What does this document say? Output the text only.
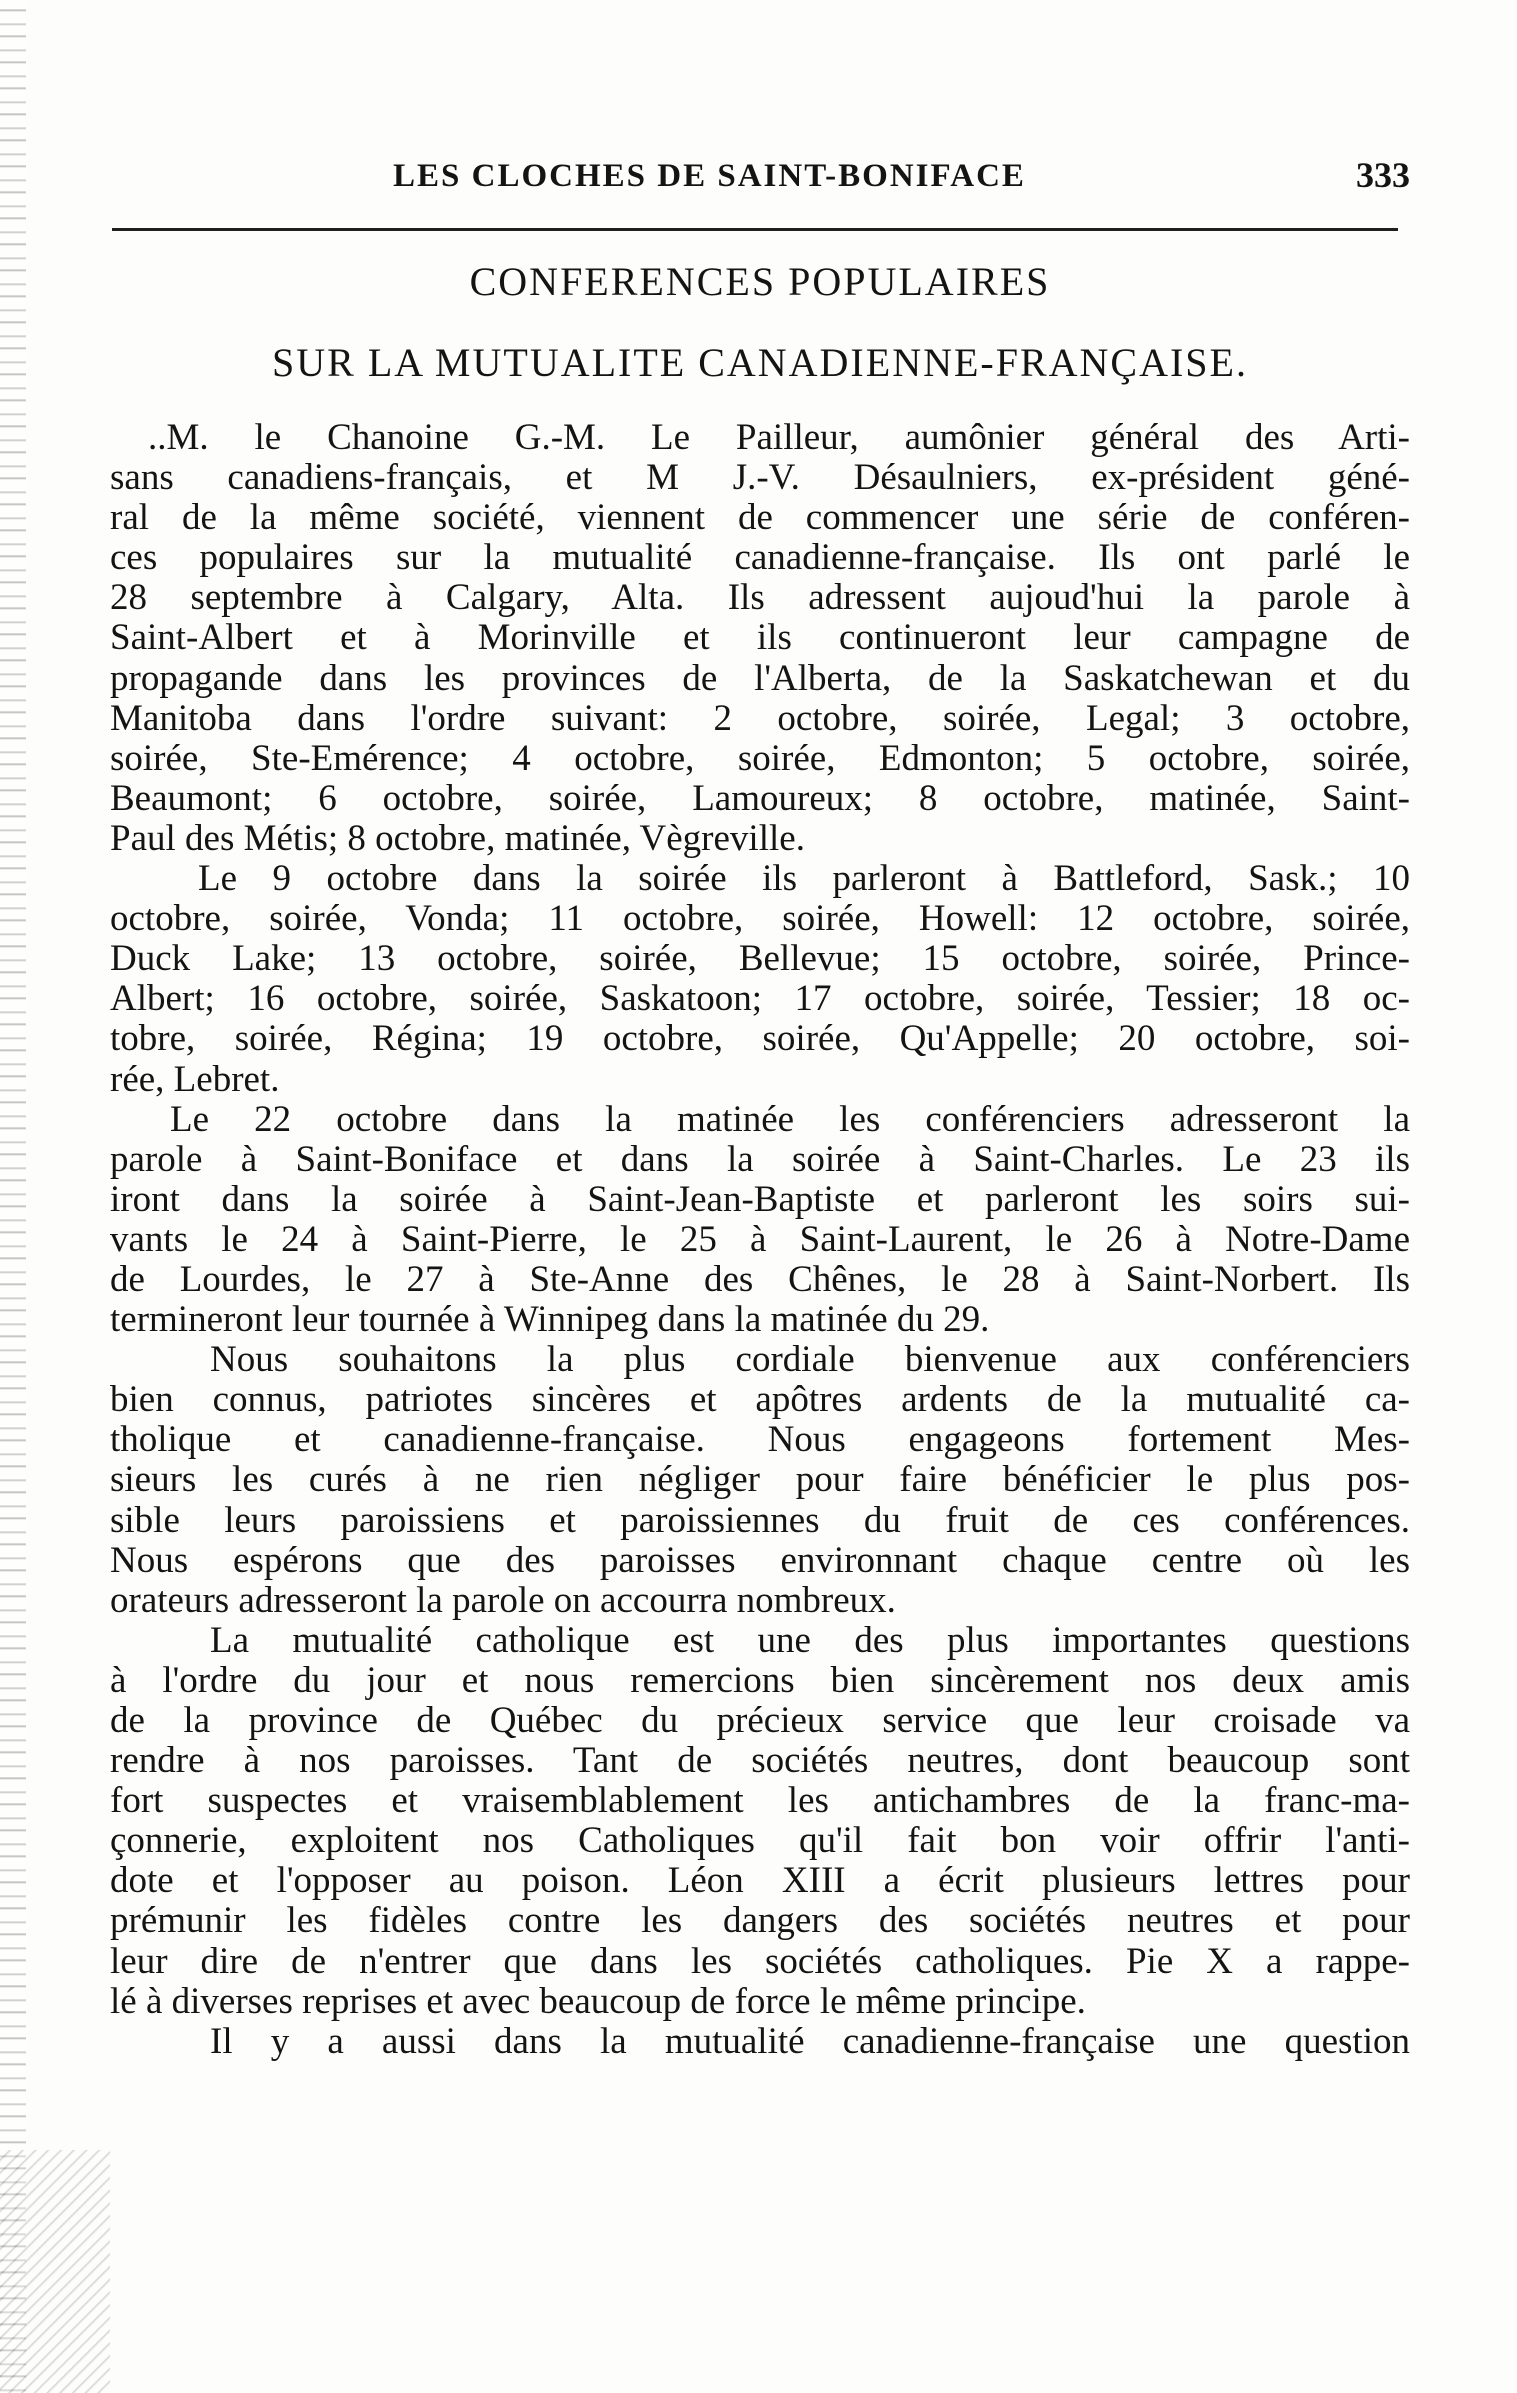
LES CLOCHES DE SAINT-BONIFACE	333
CONFERENCES POPULAIRES
SUR LA MUTUALITE CANADIENNE-FRANÇAISE.
..M. le Chanoine G.-M. Le Pailleur, aumônier général des Arti-
sans canadiens-français, et M J.-V. Désaulniers, ex-président géné-
ral de la même société, viennent de commencer une série de conféren-
ces populaires sur la mutualité canadienne-française. Ils ont parlé le
28 septembre à Calgary, Alta. Ils adressent aujoud'hui la parole à
Saint-Albert et à Morinville et ils continueront leur campagne de
propagande dans les provinces de l'Alberta, de la Saskatchewan et du
Manitoba dans l'ordre suivant: 2 octobre, soirée, Legal; 3 octobre,
soirée, Ste-Emérence; 4 octobre, soirée, Edmonton; 5 octobre, soirée,
Beaumont; 6 octobre, soirée, Lamoureux; 8 octobre, matinée, Saint-
Paul des Métis; 8 octobre, matinée, Vègreville.
Le 9 octobre dans la soirée ils parleront à Battleford, Sask.; 10
octobre, soirée, Vonda; 11 octobre, soirée, Howell: 12 octobre, soirée,
Duck Lake; 13 octobre, soirée, Bellevue; 15 octobre, soirée, Prince-
Albert; 16 octobre, soirée, Saskatoon; 17 octobre, soirée, Tessier; 18 oc-
tobre, soirée, Régina; 19 octobre, soirée, Qu'Appelle; 20 octobre, soi-
rée, Lebret.
Le 22 octobre dans la matinée les conférenciers adresseront la
parole à Saint-Boniface et dans la soirée à Saint-Charles. Le 23 ils
iront dans la soirée à Saint-Jean-Baptiste et parleront les soirs sui-
vants le 24 à Saint-Pierre, le 25 à Saint-Laurent, le 26 à Notre-Dame
de Lourdes, le 27 à Ste-Anne des Chênes, le 28 à Saint-Norbert. Ils
termineront leur tournée à Winnipeg dans la matinée du 29.
Nous souhaitons la plus cordiale bienvenue aux conférenciers
bien connus, patriotes sincères et apôtres ardents de la mutualité ca-
tholique et canadienne-française. Nous engageons fortement Mes-
sieurs les curés à ne rien négliger pour faire bénéficier le plus pos-
sible leurs paroissiens et paroissiennes du fruit de ces conférences.
Nous espérons que des paroisses environnant chaque centre où les
orateurs adresseront la parole on accourra nombreux.
La mutualité catholique est une des plus importantes questions
à l'ordre du jour et nous remercions bien sincèrement nos deux amis
de la province de Québec du précieux service que leur croisade va
rendre à nos paroisses. Tant de sociétés neutres, dont beaucoup sont
fort suspectes et vraisemblablement les antichambres de la franc-ma-
çonnerie, exploitent nos Catholiques qu'il fait bon voir offrir l'anti-
dote et l'opposer au poison. Léon XIII a écrit plusieurs lettres pour
prémunir les fidèles contre les dangers des sociétés neutres et pour
leur dire de n'entrer que dans les sociétés catholiques. Pie X a rappe-
lé à diverses reprises et avec beaucoup de force le même principe.
Il y a aussi dans la mutualité canadienne-française une question
